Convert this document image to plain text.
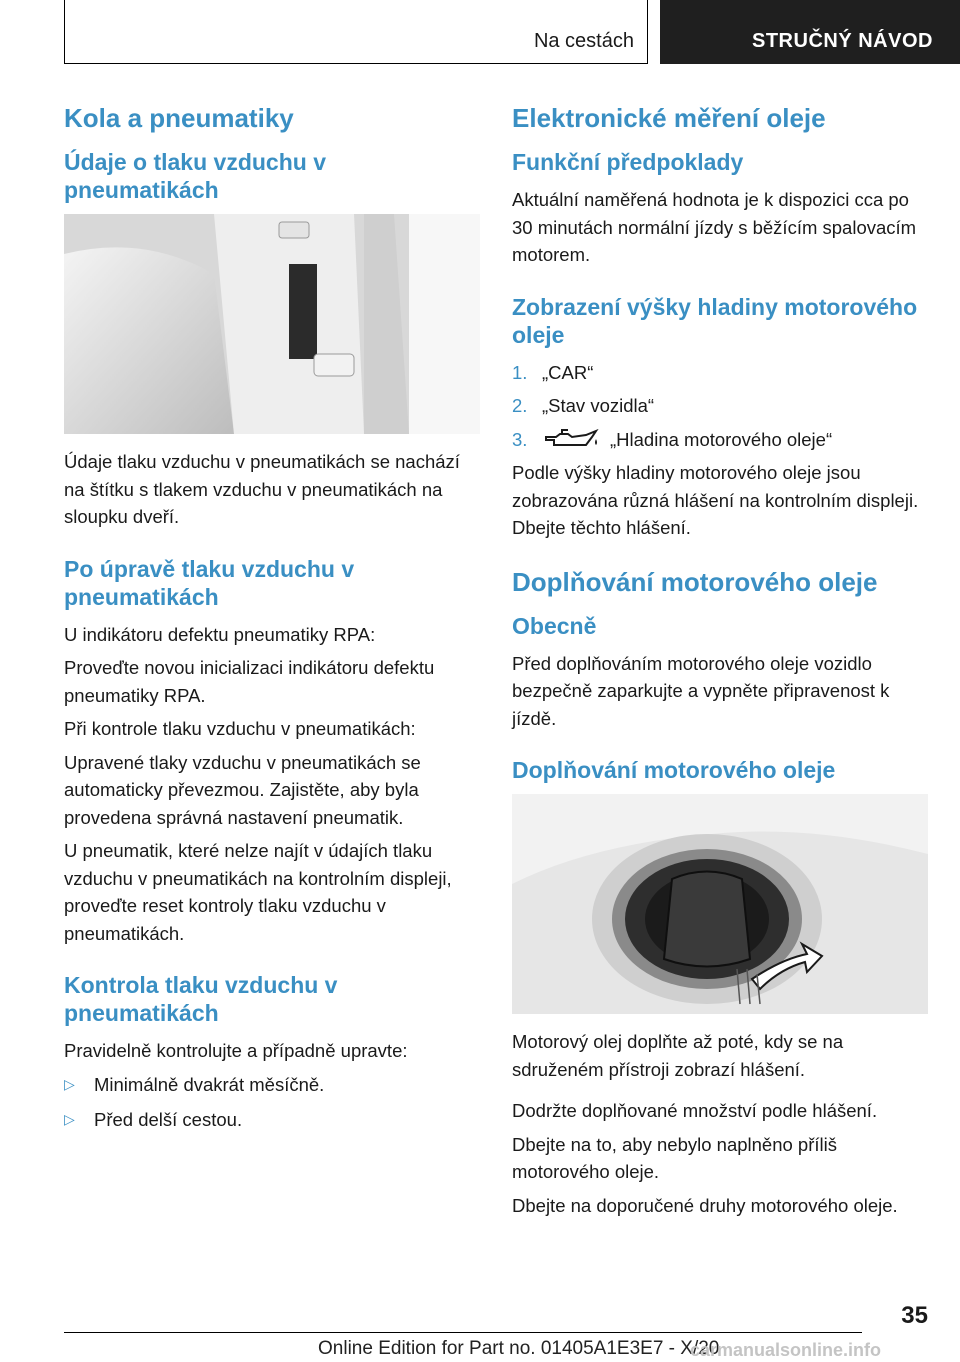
Na cestách	STRUČNÝ NÁVOD
Kola a pneumatiky
Údaje o tlaku vzduchu v pneumatikách
Údaje tlaku vzduchu v pneumatikách se nachází na štítku s tlakem vzduchu v pneumatikách na sloupku dveří.
Po úpravě tlaku vzduchu v pneumatikách
U indikátoru defektu pneumatiky RPA:
Proveďte novou inicializaci indikátoru defektu pneumatiky RPA.
Při kontrole tlaku vzduchu v pneumatikách:
Upravené tlaky vzduchu v pneumatikách se automaticky převezmou. Zajistěte, aby byla provedena správná nastavení pneumatik.
U pneumatik, které nelze najít v údajích tlaku vzduchu v pneumatikách na kontrolním displeji, proveďte reset kontroly tlaku vzduchu v pneumatikách.
Kontrola tlaku vzduchu v pneumatikách
Pravidelně kontrolujte a případně upravte:
▷	Minimálně dvakrát měsíčně.
▷	Před delší cestou.
Elektronické měření oleje
Funkční předpoklady
Aktuální naměřená hodnota je k dispozici cca po 30 minutách normální jízdy s běžícím spalovacím motorem.
Zobrazení výšky hladiny motorového oleje
1. „CAR“
2. „Stav vozidla“
3.	„Hladina motorového oleje“
Podle výšky hladiny motorového oleje jsou zobrazována různá hlášení na kontrolním displeji. Dbejte těchto hlášení.
Doplňování motorového oleje
Obecně
Před doplňováním motorového oleje vozidlo bezpečně zaparkujte a vypněte připravenost k jízdě.
Doplňování motorového oleje
Motorový olej doplňte až poté, kdy se na sdruženém přístroji zobrazí hlášení.
Dodržte doplňované množství podle hlášení.
Dbejte na to, aby nebylo naplněno příliš motorového oleje.
Dbejte na doporučené druhy motorového oleje.
35
Online Edition for Part no. 01405A1E3E7 - X/20
carmanualsonline.info
